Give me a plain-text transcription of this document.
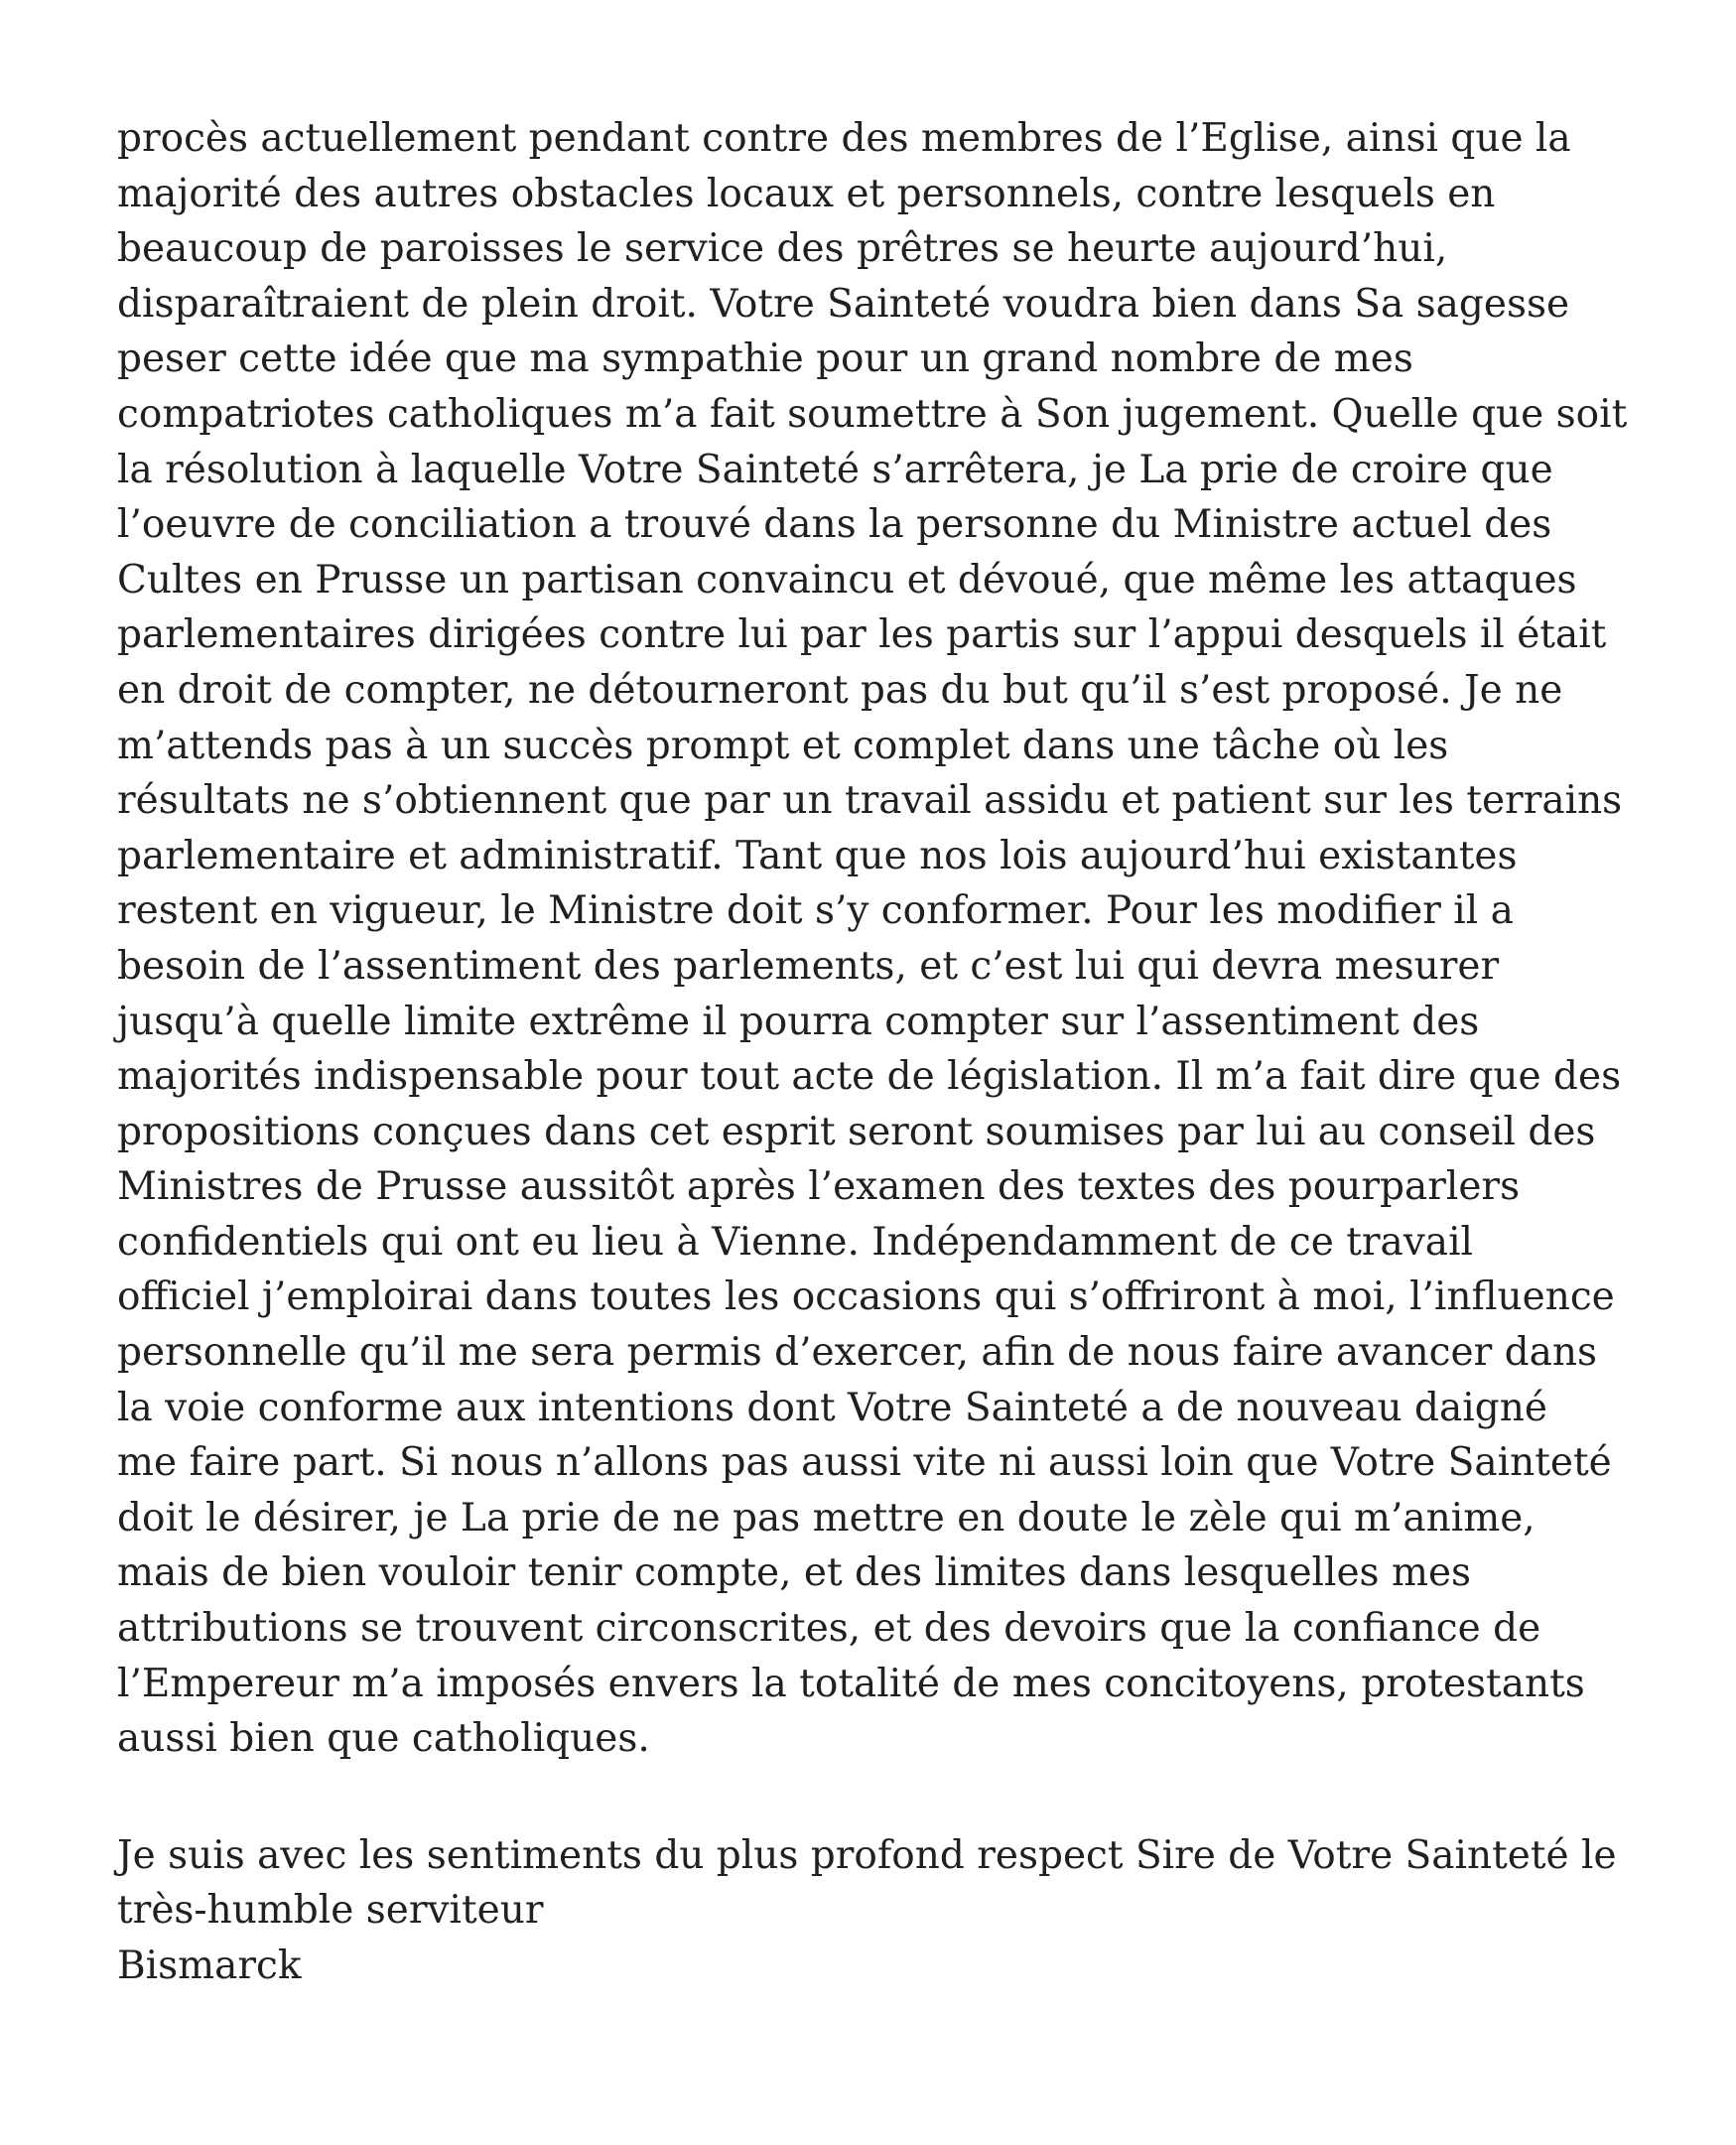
procès actuellement pendant contre des membres de l’Eglise, ainsi que la
majorité des autres obstacles locaux et personnels, contre lesquels en
beaucoup de paroisses le service des prêtres se heurte aujourd’hui,
disparaîtraient de plein droit. Votre Sainteté voudra bien dans Sa sagesse
peser cette idée que ma sympathie pour un grand nombre de mes
compatriotes catholiques m’a fait soumettre à Son jugement. Quelle que soit
la résolution à laquelle Votre Sainteté s’arrêtera, je La prie de croire que
l’oeuvre de conciliation a trouvé dans la personne du Ministre actuel des
Cultes en Prusse un partisan convaincu et dévoué, que même les attaques
parlementaires dirigées contre lui par les partis sur l’appui desquels il était
en droit de compter, ne détourneront pas du but qu’il s’est proposé. Je ne
m’attends pas à un succès prompt et complet dans une tâche où les
résultats ne s’obtiennent que par un travail assidu et patient sur les terrains
parlementaire et administratif. Tant que nos lois aujourd’hui existantes
restent en vigueur, le Ministre doit s’y conformer. Pour les modifier il a
besoin de l’assentiment des parlements, et c’est lui qui devra mesurer
jusqu’à quelle limite extrême il pourra compter sur l’assentiment des
majorités indispensable pour tout acte de législation. Il m’a fait dire que des
propositions conçues dans cet esprit seront soumises par lui au conseil des
Ministres de Prusse aussitôt après l’examen des textes des pourparlers
confidentiels qui ont eu lieu à Vienne. Indépendamment de ce travail
officiel j’emploirai dans toutes les occasions qui s’offriront à moi, l’influence
personnelle qu’il me sera permis d’exercer, afin de nous faire avancer dans
la voie conforme aux intentions dont Votre Sainteté a de nouveau daigné
me faire part. Si nous n’allons pas aussi vite ni aussi loin que Votre Sainteté
doit le désirer, je La prie de ne pas mettre en doute le zèle qui m’anime,
mais de bien vouloir tenir compte, et des limites dans lesquelles mes
attributions se trouvent circonscrites, et des devoirs que la confiance de
l’Empereur m’a imposés envers la totalité de mes concitoyens, protestants
aussi bien que catholiques.
Je suis avec les sentiments du plus profond respect Sire de Votre Sainteté le
très-humble serviteur
Bismarck
